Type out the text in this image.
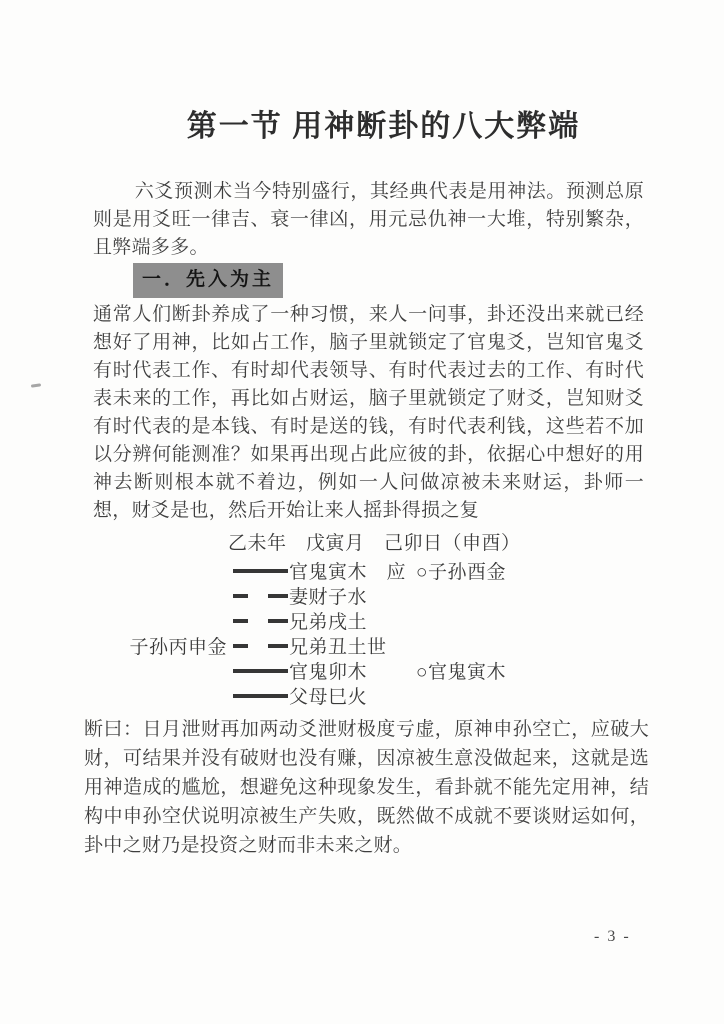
第一节 用神断卦的八大弊端

六爻预测术当今特别盛行，其经典代表是用神法。预测总原则是用爻旺一律吉、衰一律凶，用元忌仇神一大堆，特别繁杂，且弊端多多。

一．先入为主

通常人们断卦养成了一种习惯，来人一问事，卦还没出来就已经想好了用神，比如占工作，脑子里就锁定了官鬼爻，岂知官鬼爻有时代表工作、有时却代表领导、有时代表过去的工作、有时代表未来的工作，再比如占财运，脑子里就锁定了财爻，岂知财爻有时代表的是本钱、有时是送的钱，有时代表利钱，这些若不加以分辨何能测准？如果再出现占此应彼的卦，依据心中想好的用神去断则根本就不着边，例如一人问做凉被未来财运，卦师一想，财爻是也，然后开始让来人摇卦得损之复

乙未年　戊寅月　己卯日（申酉）
官鬼寅木　应 ○子孙酉金
妻财子水
兄弟戌土
子孙丙申金	兄弟丑土世
官鬼卯木	○官鬼寅木
父母巳火

断曰：日月泄财再加两动爻泄财极度亏虚，原神申孙空亡，应破大财，可结果并没有破财也没有赚，因凉被生意没做起来，这就是选用神造成的尴尬，想避免这种现象发生，看卦就不能先定用神，结构中申孙空伏说明凉被生产失败，既然做不成就不要谈财运如何，卦中之财乃是投资之财而非未来之财。

- 3 -
